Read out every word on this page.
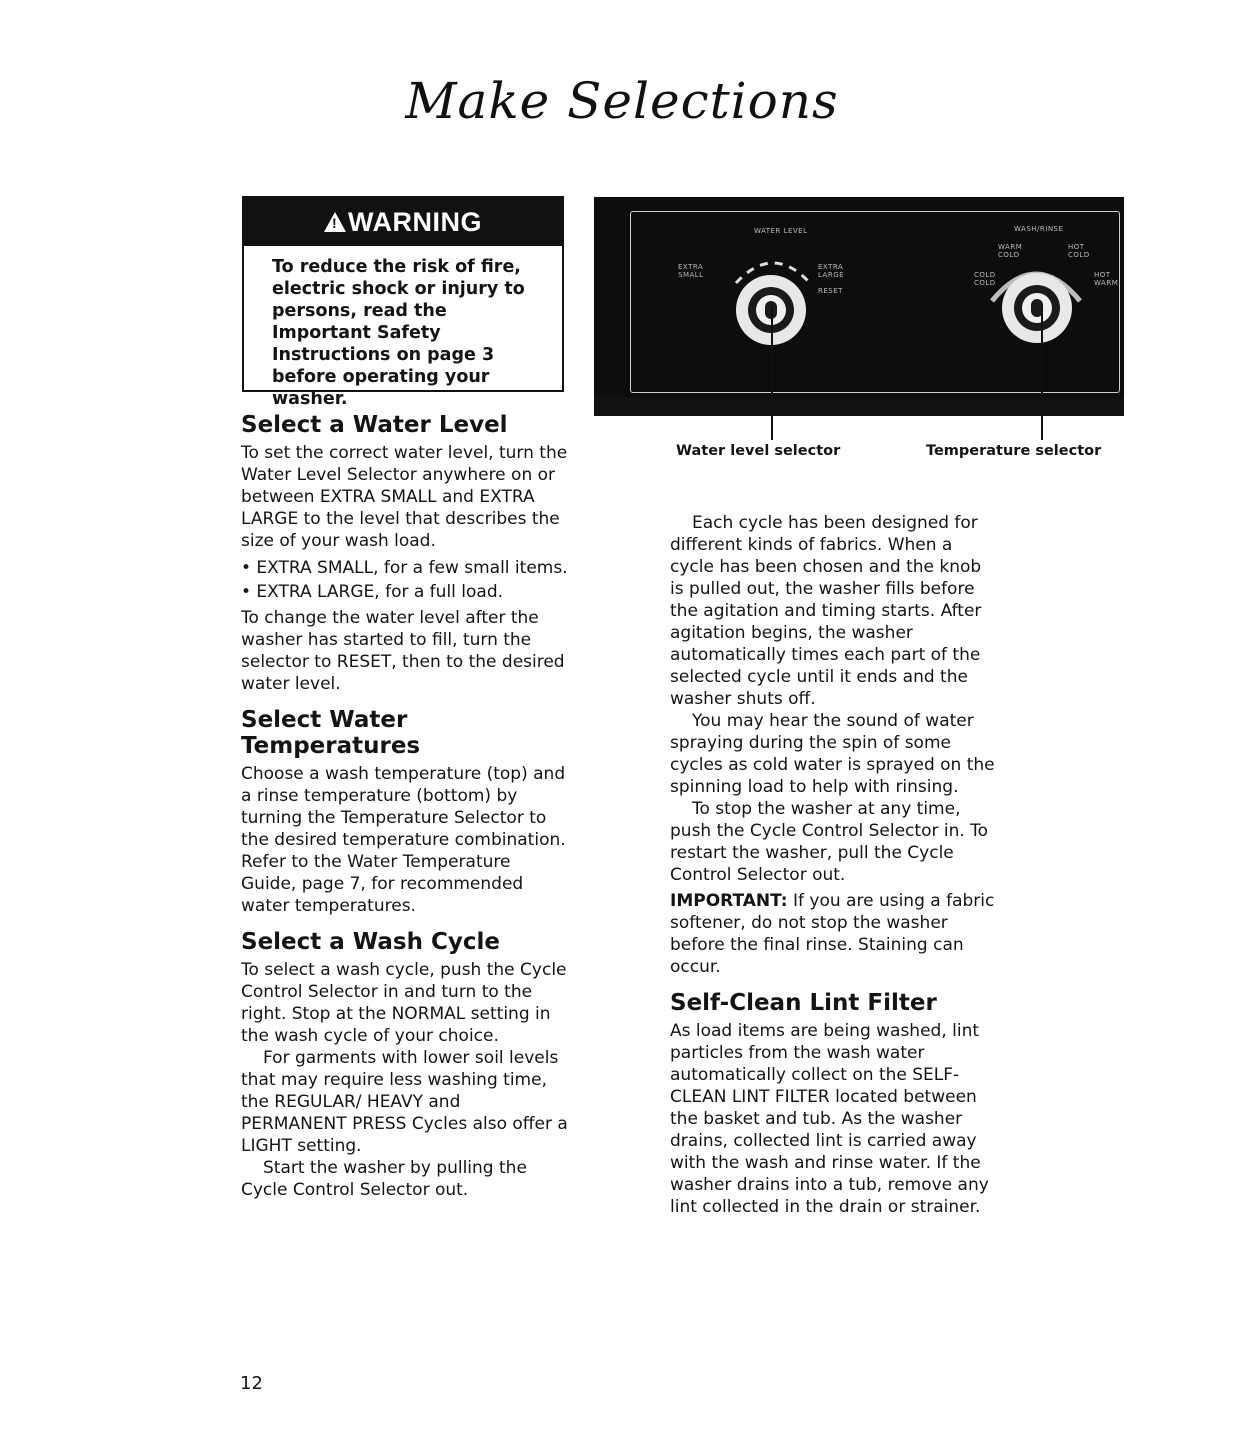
Make Selections
!
WARNING
To reduce the risk of fire, electric shock or injury to persons, read the Important Safety Instructions on page 3 before operating your washer.
Select a Water Level

To set the correct water level, turn the Water Level Selector anywhere on or between EXTRA SMALL and EXTRA LARGE to the level that describes the size of your wash load.

• EXTRA SMALL, for a few small items.

• EXTRA LARGE, for a full load.

To change the water level after the washer has started to fill, turn the selector to RESET, then to the desired water level.

Select Water Temperatures

Choose a wash temperature (top) and a rinse temperature (bottom) by turning the Temperature Selector to the desired temperature combination. Refer to the Water Temperature Guide, page 7, for recommended water temperatures.

Select a Wash Cycle

To select a wash cycle, push the Cycle Control Selector in and turn to the right. Stop at the NORMAL setting in the wash cycle of your choice.

For garments with lower soil levels that may require less washing time, the REGULAR/ HEAVY and PERMANENT PRESS Cycles also offer a LIGHT setting.

Start the washer by pulling the Cycle Control Selector out.

WATER LEVEL
EXTRA SMALL
EXTRA LARGE
RESET
WASH/RINSE
WARM COLD
HOT COLD
COLD COLD
HOT WARM
Water level selector	Temperature selector

Each cycle has been designed for different kinds of fabrics. When a cycle has been chosen and the knob is pulled out, the washer fills before the agitation and timing starts. After agitation begins, the washer automatically times each part of the selected cycle until it ends and the washer shuts off.

You may hear the sound of water spraying during the spin of some cycles as cold water is sprayed on the spinning load to help with rinsing.

To stop the washer at any time, push the Cycle Control Selector in. To restart the washer, pull the Cycle Control Selector out.

IMPORTANT: If you are using a fabric softener, do not stop the washer before the final rinse. Staining can occur.

Self-Clean Lint Filter

As load items are being washed, lint particles from the wash water automatically collect on the SELF-CLEAN LINT FILTER located between the basket and tub. As the washer drains, collected lint is carried away with the wash and rinse water. If the washer drains into a tub, remove any lint collected in the drain or strainer.

12
